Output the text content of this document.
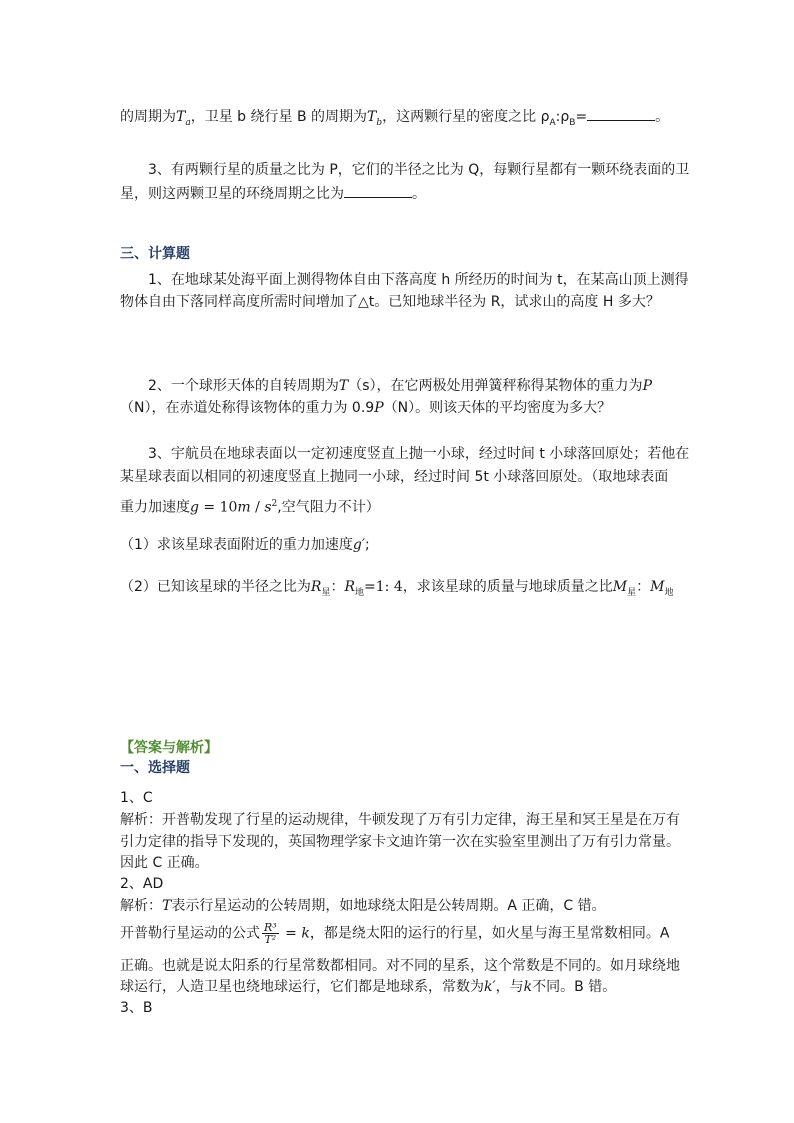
的周期为$T_a$，卫星 b 绕行星 B 的周期为$T_b$，这两颗行星的密度之比 $\rho_A:\rho_B=$	。
3、有两颗行星的质量之比为 P，它们的半径之比为 Q，每颗行星都有一颗环绕表面的卫
星，则这两颗卫星的环绕周期之比为	。
三、计算题
1、在地球某处海平面上测得物体自由下落高度 h 所经历的时间为 t，在某高山顶上测得
物体自由下落同样高度所需时间增加了△t。已知地球半径为 R，试求山的高度 H 多大？
2、一个球形天体的自转周期为T（s），在它两极处用弹簧秤称得某物体的重力为P
（N），在赤道处称得该物体的重力为 0.9P（N）。则该天体的平均密度为多大？
3、宇航员在地球表面以一定初速度竖直上抛一小球，经过时间 t 小球落回原处；若他在
某星球表面以相同的初速度竖直上抛同一小球，经过时间 5t 小球落回原处。（取地球表面
重力加速度$g = 10m / s^2$,空气阻力不计）
（1）求该星球表面附近的重力加速度g′;
（2）已知该星球的半径之比为$R_星$：$R_地=1$: 4，求该星球的质量与地球质量之比$M_星$：$M_地$
【答案与解析】
一、选择题
1、C
解析：开普勒发现了行星的运动规律，牛顿发现了万有引力定律，海王星和冥王星是在万有
引力定律的指导下发现的，英国物理学家卡文迪许第一次在实验室里测出了万有引力常量。
因此 C 正确。
2、AD
解析：T表示行星运动的公转周期，如地球绕太阳是公转周期。A 正确，C 错。
开普勒行星运动的公式 $\frac{\text{R³}}{\text{T²}} = k$，都是绕太阳的运行的行星，如火星与海王星常数相同。A
正确。也就是说太阳系的行星常数都相同。对不同的星系，这个常数是不同的。如月球绕地
球运行，人造卫星也绕地球运行，它们都是地球系，常数为k′，与k不同。B 错。
3、B
